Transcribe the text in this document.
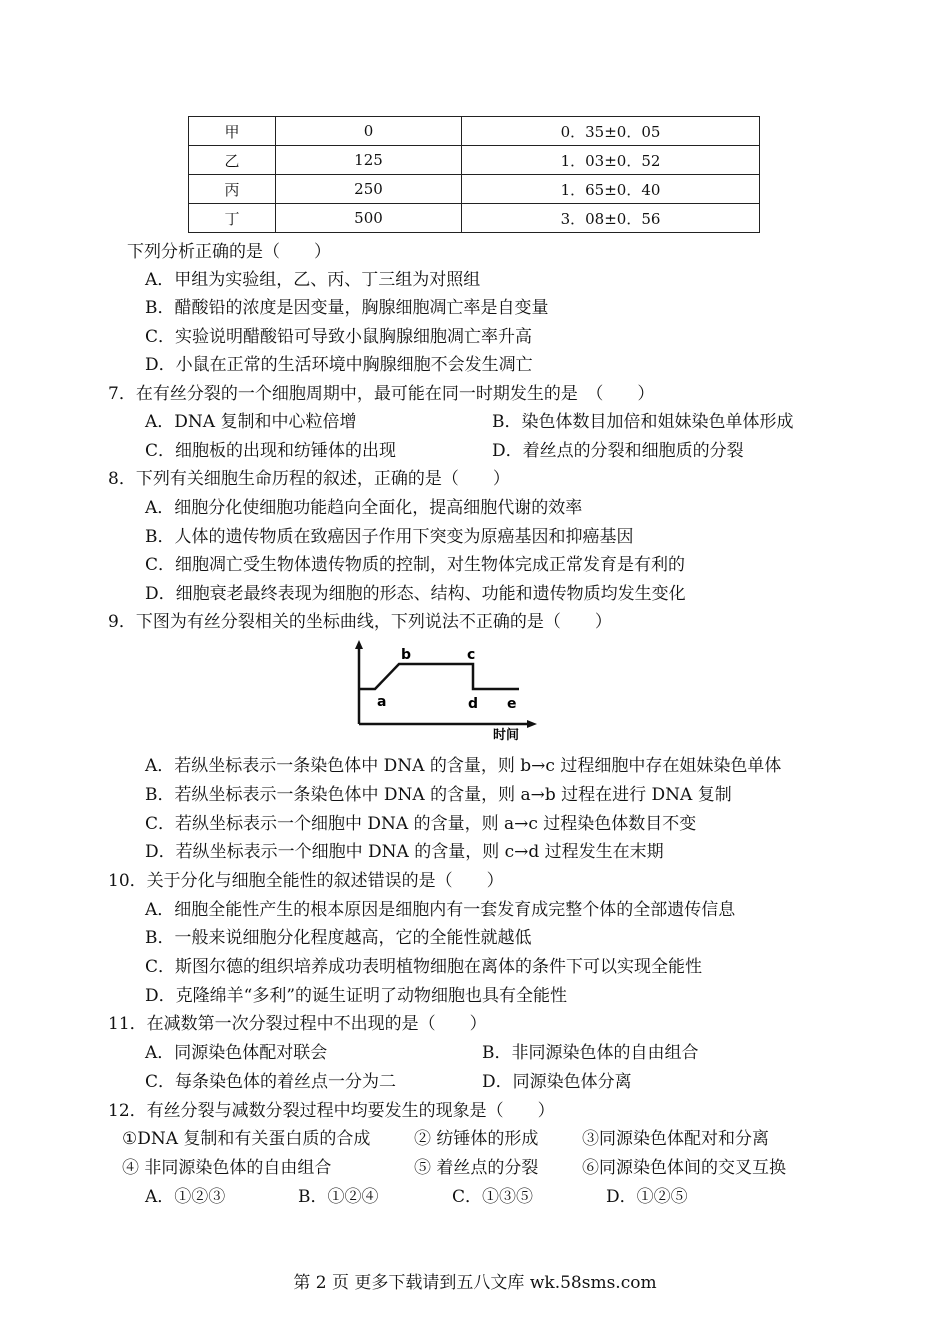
甲	0	0．35±0．05
乙	125	1．03±0．52
丙	250	1．65±0．40
丁	500	3．08±0．56
下列分析正确的是（　　）
A．甲组为实验组，乙、丙、丁三组为对照组
B．醋酸铅的浓度是因变量，胸腺细胞凋亡率是自变量
C．实验说明醋酸铅可导致小鼠胸腺细胞凋亡率升高
D．小鼠在正常的生活环境中胸腺细胞不会发生凋亡
7．在有丝分裂的一个细胞周期中，最可能在同一时期发生的是　（　　）
A．DNA 复制和中心粒倍增	B．染色体数目加倍和姐妹染色单体形成
C．细胞板的出现和纺锤体的出现	D．着丝点的分裂和细胞质的分裂
8．下列有关细胞生命历程的叙述，正确的是（　　）
A．细胞分化使细胞功能趋向全面化，提高细胞代谢的效率
B．人体的遗传物质在致癌因子作用下突变为原癌基因和抑癌基因
C．细胞凋亡受生物体遗传物质的控制，对生物体完成正常发育是有利的
D．细胞衰老最终表现为细胞的形态、结构、功能和遗传物质均发生变化
9．下图为有丝分裂相关的坐标曲线，下列说法不正确的是（　　）
a
b	c
d e
时间
A．若纵坐标表示一条染色体中 DNA 的含量，则 b→c 过程细胞中存在姐妹染色单体
B．若纵坐标表示一条染色体中 DNA 的含量，则 a→b 过程在进行 DNA 复制
C．若纵坐标表示一个细胞中 DNA 的含量，则 a→c 过程染色体数目不变
D．若纵坐标表示一个细胞中 DNA 的含量，则 c→d 过程发生在末期
10．关于分化与细胞全能性的叙述错误的是（　　）
A．细胞全能性产生的根本原因是细胞内有一套发育成完整个体的全部遗传信息
B．一般来说细胞分化程度越高，它的全能性就越低
C．斯图尔德的组织培养成功表明植物细胞在离体的条件下可以实现全能性
D．克隆绵羊“多利”的诞生证明了动物细胞也具有全能性
11．在减数第一次分裂过程中不出现的是（　　）
A．同源染色体配对联会	B．非同源染色体的自由组合
C．每条染色体的着丝点一分为二	D．同源染色体分离
12．有丝分裂与减数分裂过程中均要发生的现象是（　　）
①DNA 复制和有关蛋白质的合成	② 纺锤体的形成	③同源染色体配对和分离
④ 非同源染色体的自由组合	⑤ 着丝点的分裂	⑥同源染色体间的交叉互换
A．①②③	B．①②④	C．①③⑤	D．①②⑤
第 2 页 更多下载请到五八文库 wk.58sms.com
